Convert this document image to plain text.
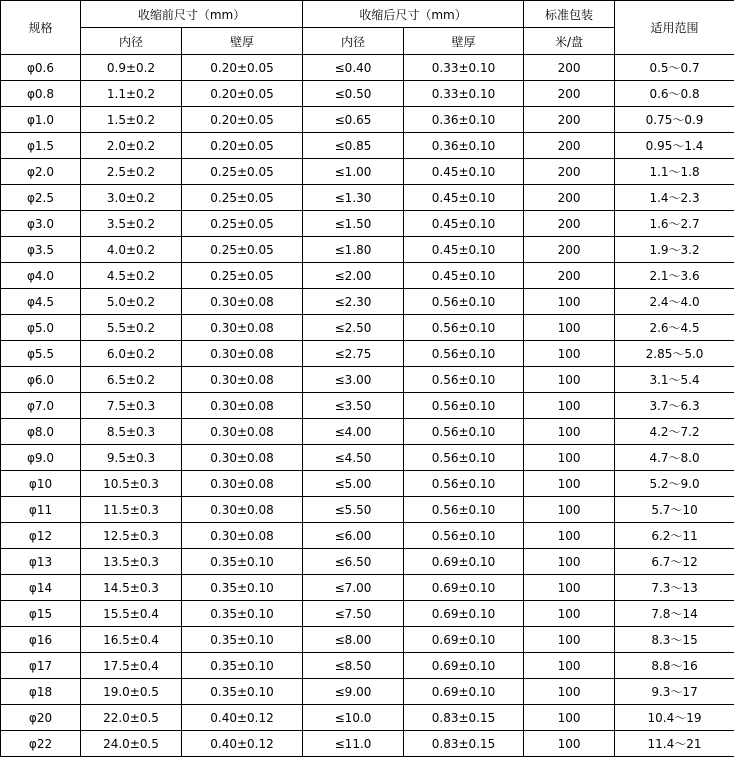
规格	收缩前尺寸（mm）		收缩后尺寸（mm）		标准包装	适用范围
	内径	壁厚	内径	壁厚	米/盘	
φ0.6	0.9±0.2	0.20±0.05	≤0.40	0.33±0.10	200	0.5～0.7
φ0.8	1.1±0.2	0.20±0.05	≤0.50	0.33±0.10	200	0.6～0.8
φ1.0	1.5±0.2	0.20±0.05	≤0.65	0.36±0.10	200	0.75～0.9
φ1.5	2.0±0.2	0.20±0.05	≤0.85	0.36±0.10	200	0.95～1.4
φ2.0	2.5±0.2	0.25±0.05	≤1.00	0.45±0.10	200	1.1～1.8
φ2.5	3.0±0.2	0.25±0.05	≤1.30	0.45±0.10	200	1.4～2.3
φ3.0	3.5±0.2	0.25±0.05	≤1.50	0.45±0.10	200	1.6～2.7
φ3.5	4.0±0.2	0.25±0.05	≤1.80	0.45±0.10	200	1.9～3.2
φ4.0	4.5±0.2	0.25±0.05	≤2.00	0.45±0.10	200	2.1～3.6
φ4.5	5.0±0.2	0.30±0.08	≤2.30	0.56±0.10	100	2.4～4.0
φ5.0	5.5±0.2	0.30±0.08	≤2.50	0.56±0.10	100	2.6～4.5
φ5.5	6.0±0.2	0.30±0.08	≤2.75	0.56±0.10	100	2.85～5.0
φ6.0	6.5±0.2	0.30±0.08	≤3.00	0.56±0.10	100	3.1～5.4
φ7.0	7.5±0.3	0.30±0.08	≤3.50	0.56±0.10	100	3.7～6.3
φ8.0	8.5±0.3	0.30±0.08	≤4.00	0.56±0.10	100	4.2～7.2
φ9.0	9.5±0.3	0.30±0.08	≤4.50	0.56±0.10	100	4.7～8.0
φ10	10.5±0.3	0.30±0.08	≤5.00	0.56±0.10	100	5.2～9.0
φ11	11.5±0.3	0.30±0.08	≤5.50	0.56±0.10	100	5.7～10
φ12	12.5±0.3	0.30±0.08	≤6.00	0.56±0.10	100	6.2～11
φ13	13.5±0.3	0.35±0.10	≤6.50	0.69±0.10	100	6.7～12
φ14	14.5±0.3	0.35±0.10	≤7.00	0.69±0.10	100	7.3～13
φ15	15.5±0.4	0.35±0.10	≤7.50	0.69±0.10	100	7.8～14
φ16	16.5±0.4	0.35±0.10	≤8.00	0.69±0.10	100	8.3～15
φ17	17.5±0.4	0.35±0.10	≤8.50	0.69±0.10	100	8.8～16
φ18	19.0±0.5	0.35±0.10	≤9.00	0.69±0.10	100	9.3～17
φ20	22.0±0.5	0.40±0.12	≤10.0	0.83±0.15	100	10.4～19
φ22	24.0±0.5	0.40±0.12	≤11.0	0.83±0.15	100	11.4～21
